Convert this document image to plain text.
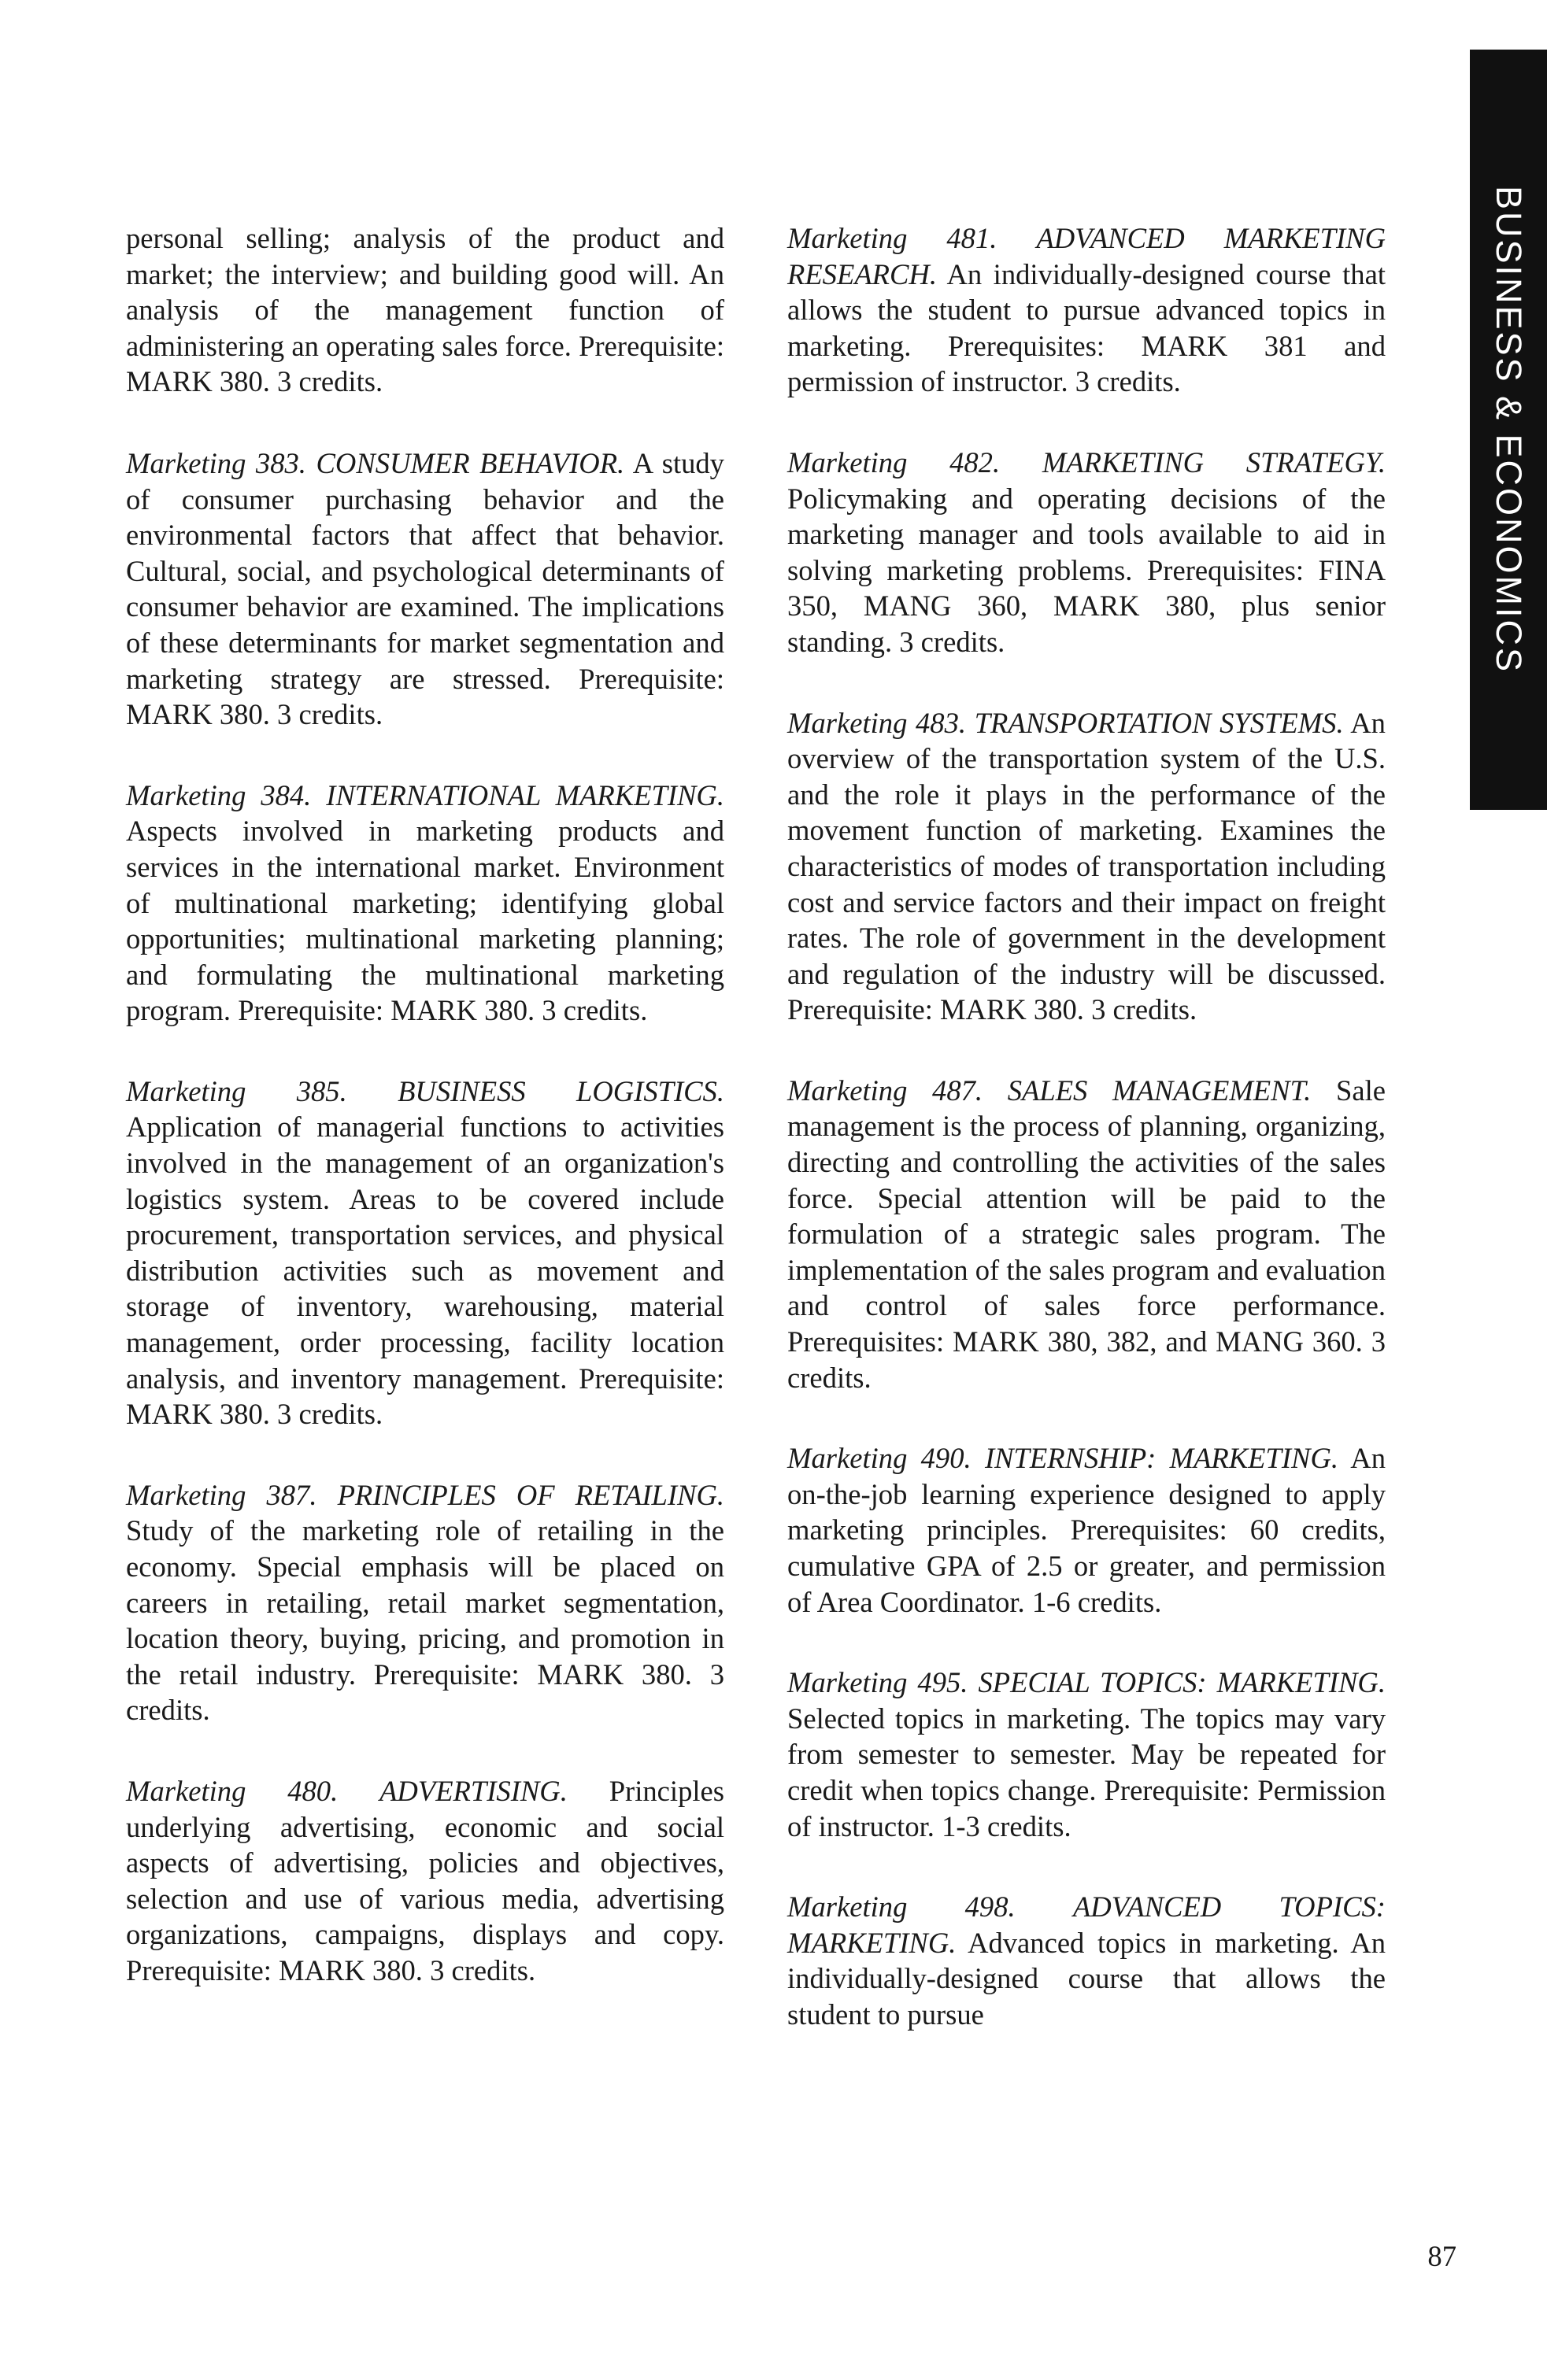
BUSINESS & ECONOMICS

personal selling; analysis of the product and market; the interview; and building good will. An analysis of the management function of administering an operating sales force. Prerequisite: MARK 380. 3 credits.

Marketing 383. CONSUMER BEHAVIOR. A study of consumer purchasing behavior and the environmental factors that affect that behavior. Cultural, social, and psychological determinants of consumer behavior are examined. The implications of these determinants for market segmentation and marketing strategy are stressed. Prerequisite: MARK 380. 3 credits.

Marketing 384. INTERNATIONAL MARKETING. Aspects involved in marketing products and services in the international market. Environment of multinational marketing; identifying global opportunities; multinational marketing planning; and formulating the multinational marketing program. Prerequisite: MARK 380. 3 credits.

Marketing 385. BUSINESS LOGISTICS. Application of managerial functions to activities involved in the management of an organization's logistics system. Areas to be covered include procurement, transportation services, and physical distribution activities such as movement and storage of inventory, warehousing, material management, order processing, facility location analysis, and inventory management. Prerequisite: MARK 380. 3 credits.

Marketing 387. PRINCIPLES OF RETAILING. Study of the marketing role of retailing in the economy. Special emphasis will be placed on careers in retailing, retail market segmentation, location theory, buying, pricing, and promotion in the retail industry. Prerequisite: MARK 380. 3 credits.

Marketing 480. ADVERTISING. Principles underlying advertising, economic and social aspects of advertising, policies and objectives, selection and use of various media, advertising organizations, campaigns, displays and copy. Prerequisite: MARK 380. 3 credits.

Marketing 481. ADVANCED MARKETING RESEARCH. An individually-designed course that allows the student to pursue advanced topics in marketing. Prerequisites: MARK 381 and permission of instructor. 3 credits.

Marketing 482. MARKETING STRATEGY. Policymaking and operating decisions of the marketing manager and tools available to aid in solving marketing problems. Prerequisites: FINA 350, MANG 360, MARK 380, plus senior standing. 3 credits.

Marketing 483. TRANSPORTATION SYSTEMS. An overview of the transportation system of the U.S. and the role it plays in the performance of the movement function of marketing. Examines the characteristics of modes of transportation including cost and service factors and their impact on freight rates. The role of government in the development and regulation of the industry will be discussed. Prerequisite: MARK 380. 3 credits.

Marketing 487. SALES MANAGEMENT. Sale management is the process of planning, organizing, directing and controlling the activities of the sales force. Special attention will be paid to the formulation of a strategic sales program. The implementation of the sales program and evaluation and control of sales force performance. Prerequisites: MARK 380, 382, and MANG 360. 3 credits.

Marketing 490. INTERNSHIP: MARKETING. An on-the-job learning experience designed to apply marketing principles. Prerequisites: 60 credits, cumulative GPA of 2.5 or greater, and permission of Area Coordinator. 1-6 credits.

Marketing 495. SPECIAL TOPICS: MARKETING. Selected topics in marketing. The topics may vary from semester to semester. May be repeated for credit when topics change. Prerequisite: Permission of instructor. 1-3 credits.

Marketing 498. ADVANCED TOPICS: MARKETING. Advanced topics in marketing. An individually-designed course that allows the student to pursue

87
